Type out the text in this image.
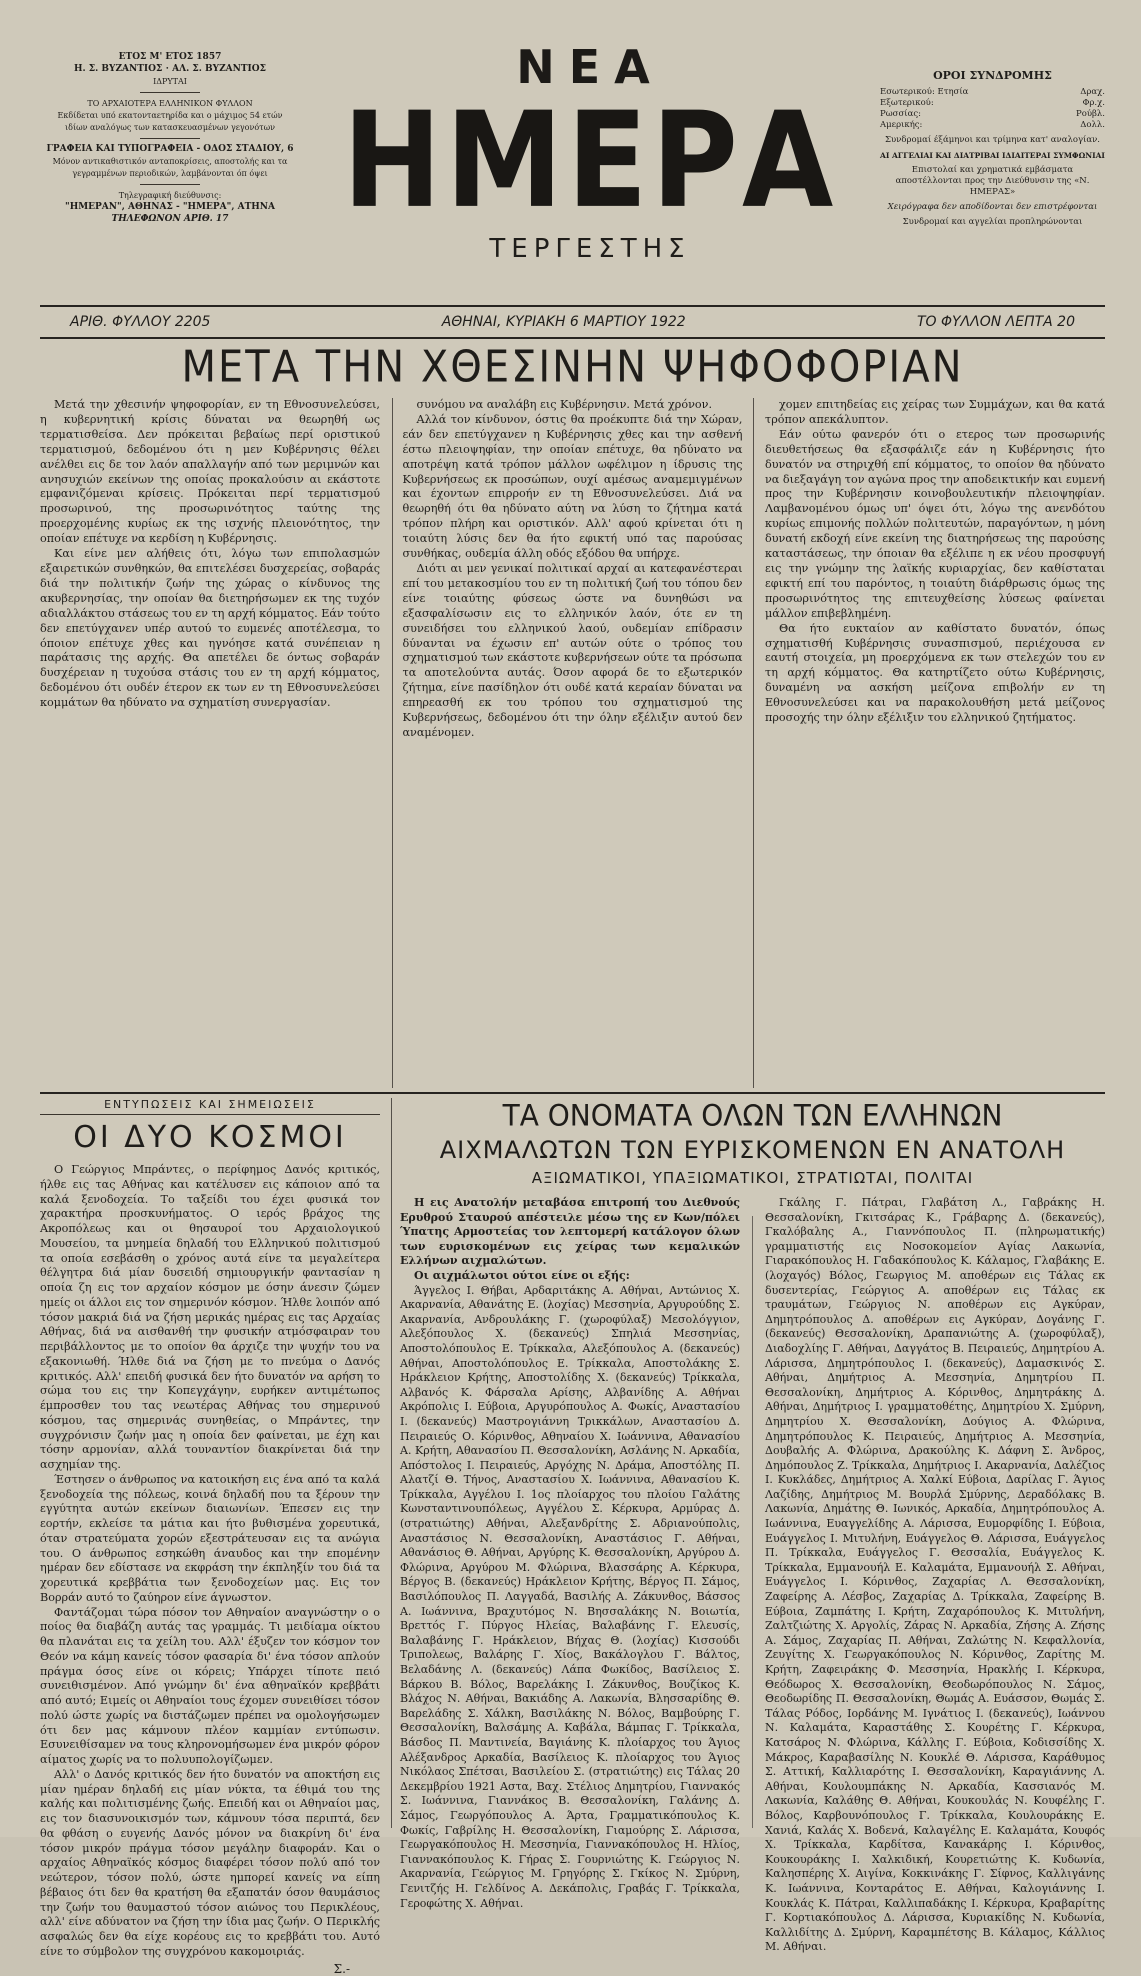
ΕΤΟΣ Μ' ΕΤΟΣ 1857
Η. Σ. ΒΥΖΑΝΤΙΟΣ ⋅ ΑΛ. Σ. ΒΥΖΑΝΤΙΟΣ
ΙΔΡΥΤΑΙ
ΤΟ ΑΡΧΑΙΟΤΕΡΑ ΕΛΛΗΝΙΚΟΝ ΦΥΛΛΟΝ
Εκδίδεται υπό εκατονταετηρίδα και ο μάχιμος 54 ετών
ιδίων αναλόγως των κατασκευασμένων γεγονότων
ΓΡΑΦΕΙΑ ΚΑΙ ΤΥΠΟΓΡΑΦΕΙΑ - ΟΔΟΣ ΣΤΑΔΙΟΥ, 6
Μόνον αντικαθιστικόν ανταποκρίσεις, αποστολής και τα
γεγραμμένων περιοδικών, λαμβάνονται όπ όψει
Τηλεγραφική διεύθυνσις:
"ΗΜΕΡΑΝ", ΑΘΗΝΑΣ - "ΗΜΕΡΑ", ΑΤΗΝΑ
ΤΗΛΕΦΩΝΟΝ ΑΡΙΘ. 17
ΝΕΑ
ΗΜΕΡΑ
ΤΕΡΓΕΣΤΗΣ
ΟΡΟΙ ΣΥΝΔΡΟΜΗΣ
Εσωτερικού: Ετησία	Δραχ.
Εξωτερικού:	Φρ.χ.
Ρωσσίας:	Ρούβλ.
Αμερικής:	Δολλ.
Συνδρομαί έξάμηνοι και τρίμηνα κατ' αναλογίαν.
ΑΙ ΑΓΓΕΛΙΑΙ ΚΑΙ ΔΙΑΤΡΙΒΑΙ ΙΔΙΑΙΤΕΡΑΙ ΣΥΜΦΩΝΙΑΙ
Επιστολαί και χρηματικά εμβάσματα αποστέλλονται προς την Διεύθυνσιν της «Ν. ΗΜΕΡΑΣ»
Χειρόγραφα δεν αποδίδονται δεν επιστρέφονται
Συνδρομαί και αγγελίαι προπληρώνονται
ΑΡΙΘ. ΦΥΛΛΟΥ 2205	ΑΘΗΝΑΙ, ΚΥΡΙΑΚΗ 6 ΜΑΡΤΙΟΥ 1922	ΤΟ ΦΥΛΛΟΝ ΛΕΠΤΑ 20
ΜΕΤΑ ΤΗΝ ΧΘΕΣΙΝΗΝ ΨΗΦΟΦΟΡΙΑΝ

Μετά την χθεσινήν ψηφοφορίαν, εν τη Εθνοσυνελεύσει, η κυβερνητική κρίσις δύναται να θεωρηθή ως τερματισθείσα. Δεν πρόκειται βεβαίως περί οριστικού τερματισμού, δεδομένου ότι η μεν Κυβέρνησις θέλει ανέλθει εις δε τον λαόν απαλλαγήν από των μεριμνών και ανησυχιών εκείνων της οποίας προκαλούσιν αι εκάστοτε εμφανιζόμεναι κρίσεις. Πρόκειται περί τερματισμού προσωρινού, της προσωρινότητος ταύτης της προερχομένης κυρίως εκ της ισχνής πλειονότητος, την οποίαν επέτυχε να κερδίση η Κυβέρνησις.

Και είνε μεν αλήθεις ότι, λόγω των επιπολασμών εξαιρετικών συνθηκών, θα επιτελέσει δυσχερείας, σοβαράς διά την πολιτικήν ζωήν της χώρας ο κίνδυνος της ακυβερνησίας, την οποίαν θα διετηρήσωμεν εκ της τυχόν αδιαλλάκτου στάσεως του εν τη αρχή κόμματος. Εάν τούτο δεν επετύγχανεν υπέρ αυτού το ευμενές αποτέλεσμα, το όποιον επέτυχε χθες και ηγνόησε κατά συνέπειαν η παράτασις της αρχής. Θα απετέλει δε όντως σοβαράν δυσχέρειαν η τυχούσα στάσις του εν τη αρχή κόμματος, δεδομένου ότι ουδέν έτερον εκ των εν τη Εθνοσυνελεύσει κομμάτων θα ηδύνατο να σχηματίση συνεργασίαν.

συνόμου να αναλάβη εις Κυβέρνησιν. Μετά χρόνον.

Αλλά τον κίνδυνον, όστις θα προέκυπτε διά την Χώραν, εάν δεν επετύγχανεν η Κυβέρνησις χθες και την ασθενή έστω πλειοψηφίαν, την οποίαν επέτυχε, θα ηδύνατο να αποτρέψη κατά τρόπον μάλλον ωφέλιμον η ίδρυσις της Κυβερνήσεως εκ προσώπων, ουχί αμέσως αναμεμιγμένων και έχοντων επιρροήν εν τη Εθνοσυνελεύσει. Διά να θεωρηθή ότι θα ηδύνατο αύτη να λύση το ζήτημα κατά τρόπον πλήρη και οριστικόν. Αλλ' αφού κρίνεται ότι η τοιαύτη λύσις δεν θα ήτο εφικτή υπό τας παρούσας συνθήκας, ουδεμία άλλη οδός εξόδου θα υπήρχε.

Διότι αι μεν γενικαί πολιτικαί αρχαί αι κατεφανέστεραι επί του μετακοσμίου του εν τη πολιτική ζωή του τόπου δεν είνε τοιαύτης φύσεως ώστε να δυνηθώσι να εξασφαλίσωσιν εις το ελληνικόν λαόν, ότε εν τη συνειδήσει του ελληνικού λαού, ουδεμίαν επίδρασιν δύνανται να έχωσιν επ' αυτών ούτε ο τρόπος του σχηματισμού των εκάστοτε κυβερνήσεων ούτε τα πρόσωπα τα αποτελούντα αυτάς. Όσον αφορά δε το εξωτερικόν ζήτημα, είνε πασίδηλον ότι ουδέ κατά κεραίαν δύναται να επηρεασθή εκ του τρόπου του σχηματισμού της Κυβερνήσεως, δεδομένου ότι την όλην εξέλιξιν αυτού δεν αναμένομεν.

χομεν επιτηδείας εις χείρας των Συμμάχων, και θα κατά τρόπον απεκάλυπτον.

Εάν ούτω φανερόν ότι ο ετερος των προσωρινής διευθετήσεως θα εξασφάλιζε εάν η Κυβέρνησις ήτο δυνατόν να στηριχθή επί κόμματος, το οποίον θα ηδύνατο να διεξαγάγη τον αγώνα προς την αποδεικτικήν και ευμενή προς την Κυβέρνησιν κοινοβουλευτικήν πλειοψηφίαν. Λαμβανομένου όμως υπ' όψει ότι, λόγω της ανενδότου κυρίως επιμονής πολλών πολιτευτών, παραγόντων, η μόνη δυνατή εκδοχή είνε εκείνη της διατηρήσεως της παρούσης καταστάσεως, την όποιαν θα εξέλιπε η εκ νέου προσφυγή εις την γνώμην της λαϊκής κυριαρχίας, δεν καθίσταται εφικτή επί του παρόντος, η τοιαύτη διάρθρωσις όμως της προσωρινότητος της επιτευχθείσης λύσεως φαίνεται μάλλον επιβεβλημένη.

Θα ήτο ευκταίον αν καθίστατο δυνατόν, όπως σχηματισθή Κυβέρνησις συνασπισμού, περιέχουσα εν εαυτή στοιχεία, μη προερχόμενα εκ των στελεχών του εν τη αρχή κόμματος. Θα κατηρτίζετο ούτω Κυβέρνησις, δυναμένη να ασκήση μείζονα επιβολήν εν τη Εθνοσυνελεύσει και να παρακολουθήση μετά μείζονος προσοχής την όλην εξέλιξιν του ελληνικού ζητήματος.

ΕΝΤΥΠΩΣΕΙΣ ΚΑΙ ΣΗΜΕΙΩΣΕΙΣ
ΟΙ ΔΥΟ ΚΟΣΜΟΙ

Ο Γεώργιος Μπράντες, ο περίφημος Δανός κριτικός, ήλθε εις τας Αθήνας και κατέλυσεν εις κάποιον από τα καλά ξενοδοχεία. Το ταξείδι του έχει φυσικά τον χαρακτήρα προσκυνήματος. Ο ιερός βράχος της Ακροπόλεως και οι θησαυροί του Αρχαιολογικού Μουσείου, τα μνημεία δηλαδή του Ελληνικού πολιτισμού τα οποία εσεβάσθη ο χρόνος αυτά είνε τα μεγαλείτερα θέλγητρα διά μίαν δυσειδή σημιουργικήν φαντασίαν η οποία ζη εις τον αρχαίον κόσμον με όσην άνεσιν ζώμεν ημείς οι άλλοι εις τον σημερινόν κόσμον. Ήλθε λοιπόν από τόσον μακριά διά να ζήση μερικάς ημέρας εις τας Αρχαίας Αθήνας, διά να αισθανθή την φυσικήν ατμόσφαιραν του περιβάλλοντος με το οποίον θα άρχιζε την ψυχήν του να εξακονιωθή. Ήλθε διά να ζήση με το πνεύμα ο Δανός κριτικός. Αλλ' επειδή φυσικά δεν ήτο δυνατόν να αρήση το σώμα του εις την Κοπεγχάγην, ευρήκεν αντιμέτωπος έμπροσθεν του τας νεωτέρας Αθήνας του σημερινού κόσμου, τας σημερινάς συνηθείας, ο Μπράντες, την συγχρόνισιν ζωήν μας η οποία δεν φαίνεται, με έχη και τόσην αρμονίαν, αλλά τουναντίον διακρίνεται διά την ασχημίαν της.

Έστησεν ο άνθρωπος να κατοικήση εις ένα από τα καλά ξενοδοχεία της πόλεως, κοινά δηλαδή που τα ξέρουν την εγγύτητα αυτών εκείνων διαιωνίων. Έπεσεν εις την εορτήν, εκλείσε τα μάτια και ήτο βυθισμένα χορευτικά, όταν στρατεύματα χορών εξεστράτευσαν εις τα ανώγια του. Ο άνθρωπος εσηκώθη άναυδος και την επομένην ημέραν δεν εδίστασε να εκφράση την έκπληξίν του διά τα χορευτικά κρεββάτια των ξενοδοχείων μας. Εις τον Βορράν αυτό το ζαύηρον είνε άγνωστον.

Φαντάζομαι τώρα πόσον τον Αθηναίον αναγνώστην ο ο ποίος θα διαβάζη αυτάς τας γραμμάς. Τι μειδίαμα οίκτου θα πλανάται εις τα χείλη του. Αλλ' έξυζεν τον κόσμον τον Θεόν να κάμη κανείς τόσον φασαρία δι' ένα τόσον απλούν πράγμα όσος είνε οι κόρεις; Υπάρχει τίποτε πειό συνειθισμένον. Από γνώμην δι' ένα αθηναϊκόν κρεββάτι από αυτό; Ειμείς οι Αθηναίοι τους έχομεν συνειθίσει τόσον πολύ ώστε χωρίς να διστάζωμεν πρέπει να ομολογήσωμεν ότι δεν μας κάμνουν πλέον καμμίαν εντύπωσιν. Εσυνειθίσαμεν να τους κληρονομήσωμεν ένα μικρόν φόρον αίματος χωρίς να το πολυυπολογίζωμεν.

Αλλ' ο Δανός κριτικός δεν ήτο δυνατόν να αποκτήση εις μίαν ημέραν δηλαδή εις μίαν νύκτα, τα έθιμά του της καλής και πολιτισμένης ζωής. Επειδή και οι Αθηναίοι μας, εις τον διασυνοικισμόν των, κάμνουν τόσα περιπτά, δεν θα φθάση ο ευγενής Δανός μόνον να διακρίνη δι' ένα τόσον μικρόν πράγμα τόσον μεγάλην διαφοράν. Και ο αρχαίος Αθηναϊκός κόσμος διαφέρει τόσον πολύ από τον νεώτερον, τόσον πολύ, ώστε ημπορεί κανείς να είπη βέβαιος ότι δεν θα κρατήση θα εξαπατάν όσον θαυμάσιος την ζωήν του θαυμαστού τόσον αιώνος του Περικλέους, αλλ' είνε αδύνατον να ζήση την ίδια μας ζωήν. Ο Περικλής ασφαλώς δεν θα είχε κορέους εις το κρεββάτι του. Αυτό είνε το σύμβολον της συγχρόνου κακομοιριάς.

Σ.-
ΤΑ ΟΝΟΜΑΤΑ ΟΛΩΝ ΤΩΝ ΕΛΛΗΝΩΝ
ΑΙΧΜΑΛΩΤΩΝ ΤΩΝ ΕΥΡΙΣΚΟΜΕΝΩΝ ΕΝ ΑΝΑΤΟΛΗ
ΑΞΙΩΜΑΤΙΚΟΙ, ΥΠΑΞΙΩΜΑΤΙΚΟΙ, ΣΤΡΑΤΙΩΤΑΙ, ΠΟΛΙΤΑΙ

Η εις Ανατολήν μεταβάσα επιτροπή του Διεθνούς Ερυθρού Σταυρού απέστειλε μέσω της εν Κων/πόλει Ύπατης Αρμοστείας τον λεπτομερή κατάλογον όλων των ευρισκομένων εις χείρας των κεμαλικών Ελλήνων αιχμαλώτων.

Οι αιχμάλωτοι ούτοι είνε οι εξής:

Άγγελος Ι. Θήβαι, Αρδαριτάκης Α. Αθήναι, Αντώνιος Χ. Ακαρνανία, Αθανάτης Ε. (λοχίας) Μεσσηνία, Αργυρούδης Σ. Ακαρνανία, Ανδρουλάκης Γ. (χωροφύλαξ) Μεσολόγγιον, Αλεξόπουλος Χ. (δεκανεύς) Σπηλιά Μεσσηνίας, Αποστολόπουλος Ε. Τρίκκαλα, Αλεξόπουλος Α. (δεκανεύς) Αθήναι, Αποστολόπουλος Ε. Τρίκκαλα, Αποστολάκης Σ. Ηράκλειον Κρήτης, Αποστολίδης Χ. (δεκανεύς) Τρίκκαλα, Αλβανός Κ. Φάρσαλα Αρίσης, Αλβανίδης Α. Αθήναι Ακρόπολις Ι. Εύβοια, Αργυρόπουλος Α. Φωκίς, Αναστασίου Ι. (δεκανεύς) Μαστρογιάννη Τρικκάλων, Αναστασίου Δ. Πειραιεύς Ο. Κόρινθος, Αθηναίου Χ. Ιωάννινα, Αθανασίου Α. Κρήτη, Αθανασίου Π. Θεσσαλονίκη, Ασλάνης Ν. Αρκαδία, Απόστολος Ι. Πειραιεύς, Αργόχης Ν. Δράμα, Αποστόλης Π. Αλατζί Θ. Τήνος, Αναστασίου Χ. Ιωάννινα, Αθανασίου Κ. Τρίκκαλα, Αγγέλου Ι. 1ος πλοίαρχος του πλοίου Γαλάτης Κωνσταντινουπόλεως, Αγγέλου Σ. Κέρκυρα, Αρμύρας Δ. (στρατιώτης) Αθήναι, Αλεξανδρίτης Σ. Αδριανούπολις, Αναστάσιος Ν. Θεσσαλονίκη, Αναστάσιος Γ. Αθήναι, Αθανάσιος Θ. Αθήναι, Αργύρης Κ. Θεσσαλονίκη, Αργύρου Δ. Φλώρινα, Αργύρου Μ. Φλώρινα, Βλασσάρης Α. Κέρκυρα, Βέργος Β. (δεκανεύς) Ηράκλειον Κρήτης, Βέργος Π. Σάμος, Βασιλόπουλος Π. Λαγγαδά, Βασιλής Α. Ζάκυνθος, Βάσσος Α. Ιωάννινα, Βραχυτόμος Ν. Βησσαλάκης Ν. Βοιωτία, Βρεττός Γ. Πύργος Ηλείας, Βαλαβάνης Γ. Ελευσίς, Βαλαβάνης Γ. Ηράκλειον, Βήχας Θ. (λοχίας) Κισσούδι Τριπολεως, Βαλάρης Γ. Χίος, Βακάλογλου Γ. Βάλτος, Βελαδάνης Λ. (δεκανεύς) Λάπα Φωκίδος, Βασίλειος Σ. Βάρκου Β. Βόλος, Βαρελάκης Ι. Ζάκυνθος, Βουζίκος Κ. Βλάχος Ν. Αθήναι, Βακιάδης Α. Λακωνία, Βλησσαρίδης Θ. Βαρελάδης Σ. Χάλκη, Βασιλάκης Ν. Βόλος, Βαμβούρης Γ. Θεσσαλονίκη, Βαλσάμης Α. Καβάλα, Βάμπας Γ. Τρίκκαλα, Βάσδος Π. Μαντινεία, Βαγιάνης Κ. πλοίαρχος του Άγιος Αλέξανδρος Αρκαδία, Βασίλειος Κ. πλοίαρχος του Άγιος Νικόλαος Σπέτσαι, Βασιλείου Σ. (στρατιώτης) εις Τάλας 20 Δεκεμβρίου 1921 Αστα, Βαχ. Στέλιος Δημητρίου, Γιαννακός Σ. Ιωάννινα, Γιαννάκος Β. Θεσσαλονίκη, Γαλάνης Δ. Σάμος, Γεωργόπουλος Α. Άρτα, Γραμματικόπουλος Κ. Φωκίς, Γαβρίλης Η. Θεσσαλονίκη, Γιαμούρης Σ. Λάρισσα, Γεωργακόπουλος Η. Μεσσηνία, Γιαννακόπουλος Η. Ηλίος, Γιαννακόπουλος Κ. Γήρας Σ. Γουρνιώτης Κ. Γεώργιος Ν. Ακαρνανία, Γεώργιος Μ. Γρηγόρης Σ. Γκίκος Ν. Σμύρνη, Γενιτζής Η. Γελδίνος Α. Δεκάπολις, Γραβάς Γ. Τρίκκαλα, Γεροφώτης Χ. Αθήναι.

Γκάλης Γ. Πάτραι, Γλαβάτση Λ., Γαβράκης Η. Θεσσαλονίκη, Γκιτσάρας Κ., Γράβαρης Δ. (δεκανεύς), Γκαλόβαλης Α., Γιαννόπουλος Π. (πληρωματικής) γραμματιστής εις Νοσοκομείον Αγίας Λακωνία, Γιαρακόπουλος Η. Γαδακόπουλος Κ. Κάλαμος, Γλαβάκης Ε. (λοχαγός) Βόλος, Γεωργιος Μ. αποθέρων εις Τάλας εκ δυσεντερίας, Γεώργιος Α. αποθέρων εις Τάλας εκ τραυμάτων, Γεώργιος Ν. αποθέρων εις Αγκύραν, Δημητρόπουλος Δ. αποθέρων εις Αγκύραν, Δογάνης Γ. (δεκανεύς) Θεσσαλονίκη, Δραπανιώτης Α. (χωροφύλαξ), Διαδοχλίης Γ. Αθήναι, Δαγγάτος Β. Πειραιεύς, Δημητρίου Α. Λάρισσα, Δημητρόπουλος Ι. (δεκανεύς), Δαμασκινός Σ. Αθήναι, Δημήτριος Α. Μεσσηνία, Δημητρίου Π. Θεσσαλονίκη, Δημήτριος Α. Κόρινθος, Δημητράκης Δ. Αθήναι, Δημήτριος Ι. γραμματοθέτης, Δημητρίου Χ. Σμύρνη, Δημητρίου Χ. Θεσσαλονίκη, Δούγιος Α. Φλώρινα, Δημητρόπουλος Κ. Πειραιεύς, Δημήτριος Α. Μεσσηνία, Δουβαλής Α. Φλώρινα, Δρακούλης Κ. Δάφνη Σ. Άνδρος, Δημόπουλος Ζ. Τρίκκαλα, Δημήτριος Ι. Ακαρνανία, Δαλέζιος Ι. Κυκλάδες, Δημήτριος Α. Χαλκί Εύβοια, Δαρίλας Γ. Άγιος Λαζίδης, Δημήτριος Μ. Βουρλά Σμύρνης, Δεραδόλακς Β. Λακωνία, Δημάτης Θ. Ιωνικός, Αρκαδία, Δημητρόπουλος Α. Ιωάννινα, Ευαγγελίδης Α. Λάρισσα, Ευμορφίδης Ι. Εύβοια, Ευάγγελος Ι. Μιτυλήνη, Ευάγγελος Θ. Λάρισσα, Ευάγγελος Π. Τρίκκαλα, Ευάγγελος Γ. Θεσσαλία, Ευάγγελος Κ. Τρίκκαλα, Εμμανουήλ Ε. Καλαμάτα, Εμμανουήλ Σ. Αθήναι, Ευάγγελος Ι. Κόρινθος, Ζαχαρίας Λ. Θεσσαλονίκη, Ζαφείρης Α. Λέσβος, Ζαχαρίας Δ. Τρίκκαλα, Ζαφείρης Β. Εύβοια, Ζαμπάτης Ι. Κρήτη, Ζαχαρόπουλος Κ. Μιτυλήνη, Ζαλτζιώτης Χ. Αργολίς, Ζάρας Ν. Αρκαδία, Ζήσης Α. Ζήσης Α. Σάμος, Ζαχαρίας Π. Αθήναι, Ζαλώτης Ν. Κεφαλλονία, Ζευγίτης Χ. Γεωργακόπουλος Ν. Κόρινθος, Ζαρίτης Μ. Κρήτη, Ζαφειράκης Φ. Μεσσηνία, Ηρακλής Ι. Κέρκυρα, Θεόδωρος Χ. Θεσσαλονίκη, Θεοδωρόπουλος Ν. Σάμος, Θεοδωρίδης Π. Θεσσαλονίκη, Θωμάς Α. Ευάσσον, Θωμάς Σ. Τάλας Ρόδος, Ιορδάνης Μ. Ιγνάτιος Ι. (δεκανεύς), Ιωάννου Ν. Καλαμάτα, Καραστάθης Σ. Κουρέτης Γ. Κέρκυρα, Κατσάρος Ν. Φλώρινα, Κάλλης Γ. Εύβοια, Κοδισσίδης Χ. Μάκρος, Καραβασίλης Ν. Κουκλέ Θ. Λάρισσα, Καράθυμος Σ. Αττική, Καλλιαρότης Ι. Θεσσαλονίκη, Καραγιάννης Λ. Αθήναι, Κουλουμπάκης Ν. Αρκαδία, Κασσιανός Μ. Λακωνία, Καλάθης Θ. Αθήναι, Κουκουλάς Ν. Κουφέλης Γ. Βόλος, Καρβουνόπουλος Γ. Τρίκκαλα, Κουλουράκης Ε. Χανιά, Καλάς Χ. Βοδενά, Καλαγέλης Ε. Καλαμάτα, Κουφός Χ. Τρίκκαλα, Καρδίτσα, Κανακάρης Ι. Κόρινθος, Κουκουράκης Ι. Χαλκιδική, Κουρετιώτης Κ. Κυδωνία, Καλησπέρης Χ. Αιγίνα, Κοκκινάκης Γ. Σίφνος, Καλλιγάνης Κ. Ιωάννινα, Κονταράτος Ε. Αθήναι, Καλογιάννης Ι. Κουκλάς Κ. Πάτραι, Καλλιπαδάκης Ι. Κέρκυρα, Κραβαρίτης Γ. Κορτιακόπουλος Δ. Λάρισσα, Κυριακίδης Ν. Κυδωνία, Καλλιδίτης Δ. Σμύρνη, Καραμπέτσης Β. Κάλαμος, Κάλλιος Μ. Αθήναι.
